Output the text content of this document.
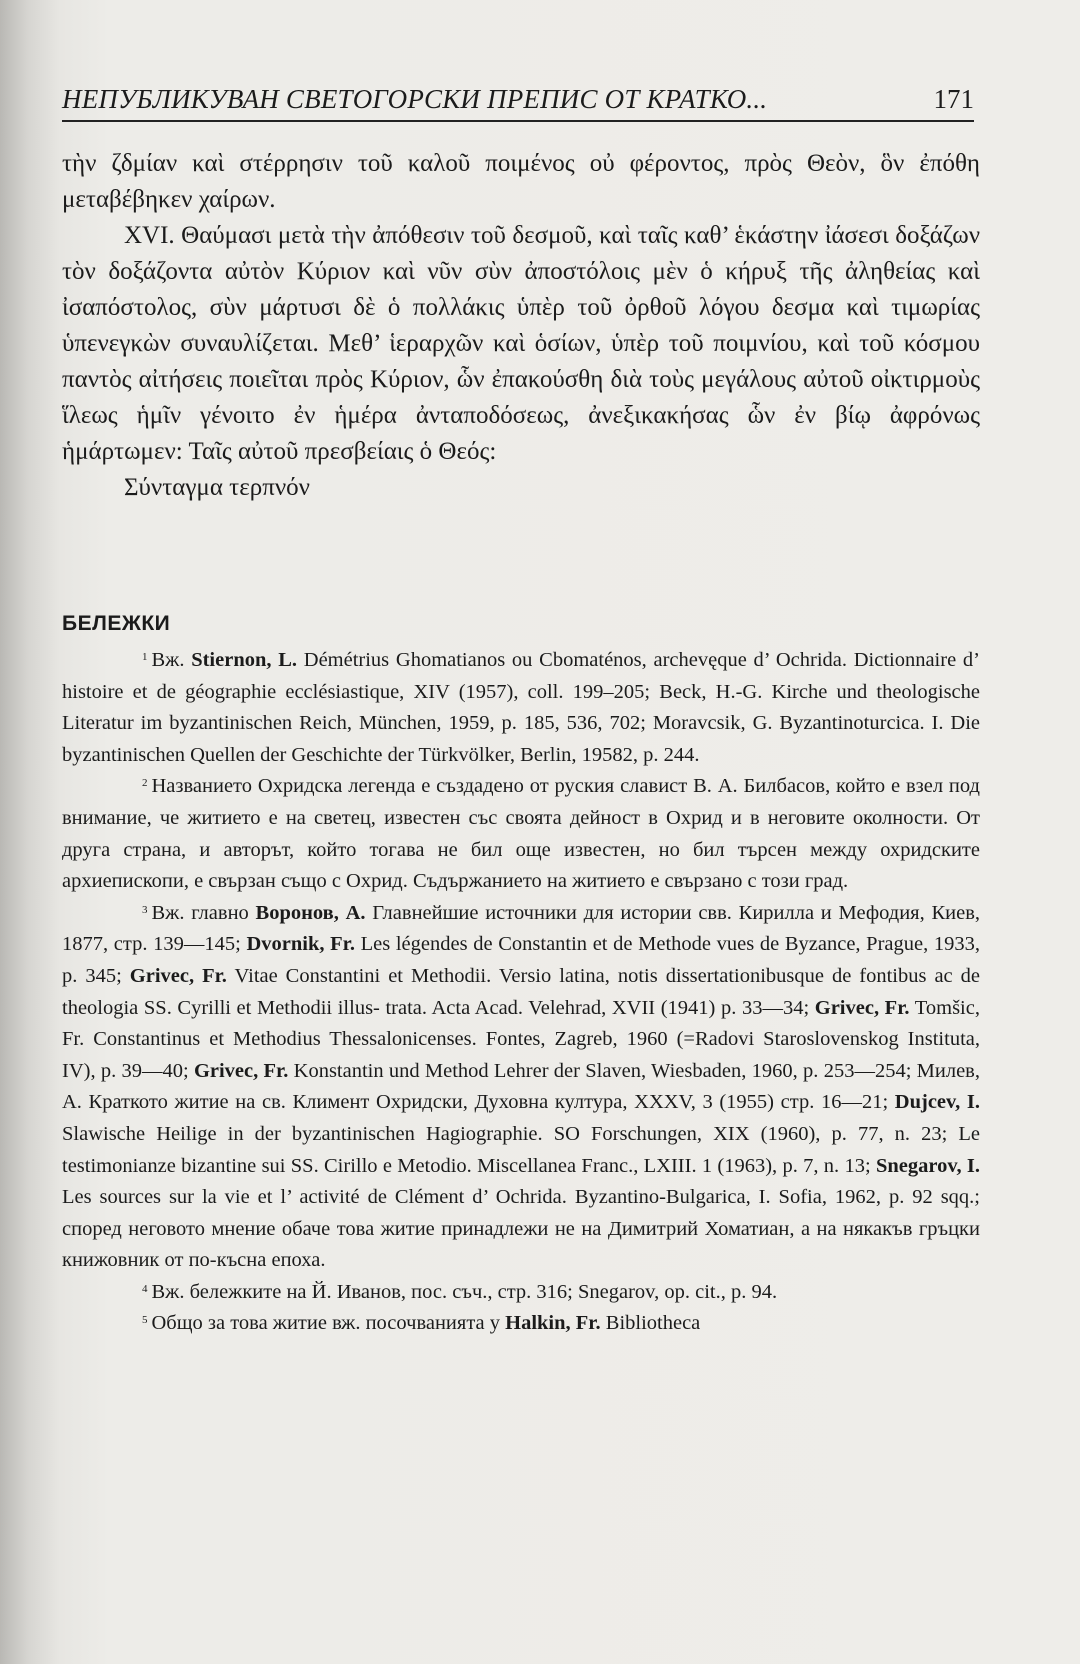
НЕПУБЛИКУВАН СВЕТОГОРСКИ ПРЕПИС ОТ КРАТКО...	171

τὴν ζδμίαν καὶ στέρρησιν τοῦ καλοῦ ποιμένος οὐ φέροντος, πρὸς Θεὸν, ὃν ἐπόθη μεταβέβηκεν χαίρων.

XVI. Θαύμασι μετὰ τὴν ἀπόθεσιν τοῦ δεσμοῦ, καὶ ταῖς καθ’ ἑκάστην ἰάσεσι δοξάζων τὸν δοξάζοντα αὐτὸν Κύριον καὶ νῦν σὺν ἀποστόλοις μὲν ὁ κήρυξ τῆς ἀληθείας καὶ ἰσαπόστολος, σὺν μάρτυσι δὲ ὁ πολλάκις ὑπὲρ τοῦ ὀρθοῦ λόγου δεσμα καὶ τιμωρίας ὑπενεγκὼν συναυλίζεται. Μεθ’ ἱεραρχῶν καὶ ὁσίων, ὑπὲρ τοῦ ποιμνίου, καὶ τοῦ κόσμου παντὸς αἰτήσεις ποιεῖται πρὸς Κύριον, ὧν ἐπακούσθη διὰ τοὺς μεγάλους αὐτοῦ οἰκτιρμοὺς ἵλεως ἡμῖν γένοιτο ἐν ἡμέρα ἀνταποδόσεως, ἀνεξικακήσας ὧν ἐν βίῳ ἀφρόνως ἡμάρτωμεν: Ταῖς αὐτοῦ πρεσβείαις ὁ Θεός:

Σύνταγμα τερπνόν

БЕЛЕЖКИ

$^1$ Вж. Stiernon, L. Démétrius Ghomatianos ou Cbomaténos, archevęque d’ Ochrida. Dictionnaire d’ histoire et de géographie ecclésiastique, XIV (1957), coll. 199–205; Beck, H.-G. Kirche und theologische Literatur im byzantinischen Reich, München, 1959, p. 185, 536, 702; Moravcsik, G. Byzantinoturcica. I. Die byzantinischen Quellen der Geschichte der Türkvölker, Berlin, 19582, p. 244.

$^2$ Названието Охридска легенда е създадено от руския славист В. А. Билбасов, който е взел под внимание, че житието е на светец, известен със своята дейност в Охрид и в неговите околности. От друга страна, и авторът, който тогава не бил още известен, но бил търсен между охридските архиепископи, е свързан също с Охрид. Съдържанието на житието е свързано с този град.

$^3$ Вж. главно Воронов, А. Главнейшие источники для истории свв. Кирилла и Мефодия, Киев, 1877, стр. 139—145; Dvornik, Fr. Les légendes de Constantin et de Methode vues de Byzance, Prague, 1933, p. 345; Grivec, Fr. Vitae Constantini et Methodii. Versio latina, notis dissertationibusque de fontibus ac de theologia SS. Cyrilli et Methodii illus- trata. Acta Acad. Velehrad, XVII (1941) p. 33—34; Grivec, Fr. Tomšic, Fr. Constantinus et Methodius Thessalonicenses. Fontes, Zagreb, 1960 (=Radovi Staroslovenskog Instituta, IV), p. 39—40; Grivec, Fr. Konstantin und Method Lehrer der Slaven, Wiesbaden, 1960, p. 253—254; Милев, А. Краткото житие на св. Климент Охридски, Духовна култура, XXXV, 3 (1955) стр. 16—21; Dujcev, I. Slawische Heilige in der byzantinischen Hagiographie. SO Forschungen, XIX (1960), p. 77, n. 23; Le testimonianze bizantine sui SS. Cirillo e Metodio. Miscellanea Franc., LXIII. 1 (1963), p. 7, n. 13; Snegarov, I. Les sources sur la vie et l’ activité de Clément d’ Ochrida. Byzantino-Bulgarica, I. Sofia, 1962, p. 92 sqq.; според неговото мнение обаче това житие принадлежи не на Димитрий Хоматиан, а на някакъв гръцки книжовник от по-късна епоха.

$^4$ Вж. бележките на Й. Иванов, пос. съч., стр. 316; Snegarov, op. cit., p. 94.

$^5$ Общо за това житие вж. посочванията у Halkin, Fr. Bibliotheca
